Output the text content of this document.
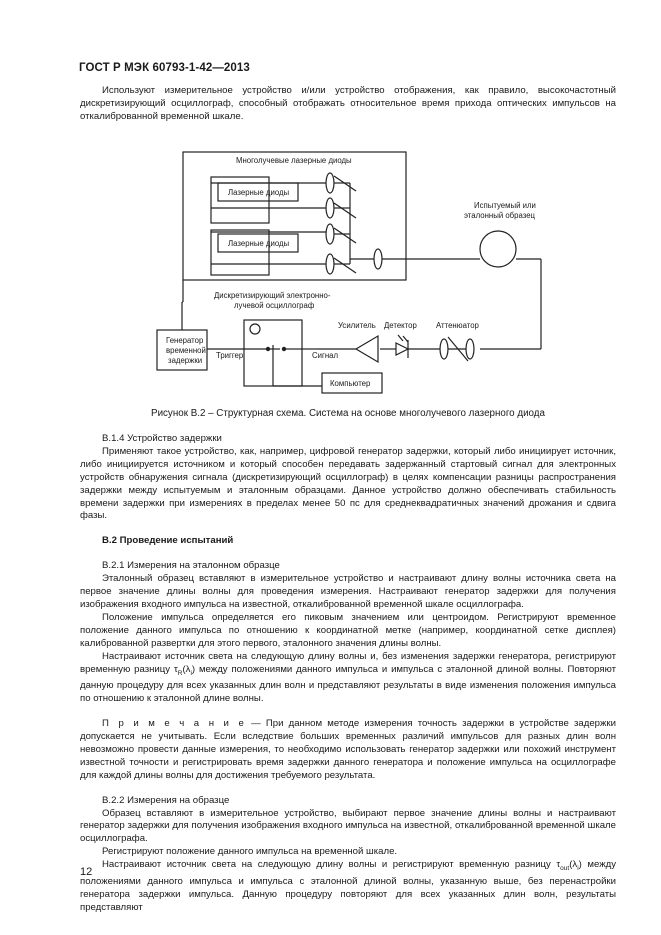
ГОСТ Р МЭК 60793-1-42—2013

Используют измерительное устройство и/или устройство отображения, как правило, высокочастотный дискретизирующий осциллограф, способный отображать относительное время прихода оптических импульсов на откалиброванной временной шкале.

Многолучевые лазерные диоды
Лазерные диоды
Лазерные диоды
Испытуемый или
эталонный образец
Дискретизирующий электронно-
лучевой осциллограф
Генератор
временной
задержки
Триггер	Сигнал
Усилитель Детектор Аттенюатор
Компьютер
Рисунок В.2 – Структурная схема. Система на основе многолучевого лазерного диода

В.1.4 Устройство задержки

Применяют такое устройство, как, например, цифровой генератор задержки, который либо инициирует источник, либо инициируется источником и который способен передавать задержанный стартовый сигнал для электронных устройств обнаружения сигнала (дискретизирующий осциллограф) в целях компенсации разницы распространения задержки между испытуемым и эталонным образцами. Данное устройство должно обеспечивать стабильность времени задержки при измерениях в пределах менее 50 пс для среднеквадратичных значений дрожания и сдвига фазы.

В.2 Проведение испытаний

В.2.1 Измерения на эталонном образце

Эталонный образец вставляют в измерительное устройство и настраивают длину волны источника света на первое значение длины волны для проведения измерения. Настраивают генератор задержки для получения изображения входного импульса на известной, откалиброванной временной шкале осциллографа.

Положение импульса определяется его пиковым значением или центроидом. Регистрируют временное положение данного импульса по отношению к координатной метке (например, координатной сетке дисплея) калиброванной развертки для этого первого, эталонного значения длины волны.

Настраивают источник света на следующую длину волны и, без изменения задержки генератора, регистрируют временную разницу $\tau_R(\lambda_i)$ между положениями данного импульса и импульса с эталонной длиной волны. Повторяют данную процедуру для всех указанных длин волн и представляют результаты в виде изменения положения импульса по отношению к эталонной длине волны.

П р и м е ч а н и е — При данном методе измерения точность задержки в устройстве задержки допускается не учитывать. Если вследствие больших временных различий импульсов для разных длин волн невозможно провести данные измерения, то необходимо использовать генератор задержки или похожий инструмент известной точности и регистрировать время задержки данного генератора и положение импульса на осциллографе для каждой длины волны для достижения требуемого результата.

В.2.2 Измерения на образце

Образец вставляют в измерительное устройство, выбирают первое значение длины волны и настраивают генератор задержки для получения изображения входного импульса на известной, откалиброванной временной шкале осциллографа.

Регистрируют положение данного импульса на временной шкале.

Настраивают источник света на следующую длину волны и регистрируют временную разницу $\tau_{out}(\lambda_i)$ между положениями данного импульса и импульса с эталонной длиной волны, указанную выше, без перенастройки генератора задержки импульса. Данную процедуру повторяют для всех указанных длин волн, результаты представляют

12
